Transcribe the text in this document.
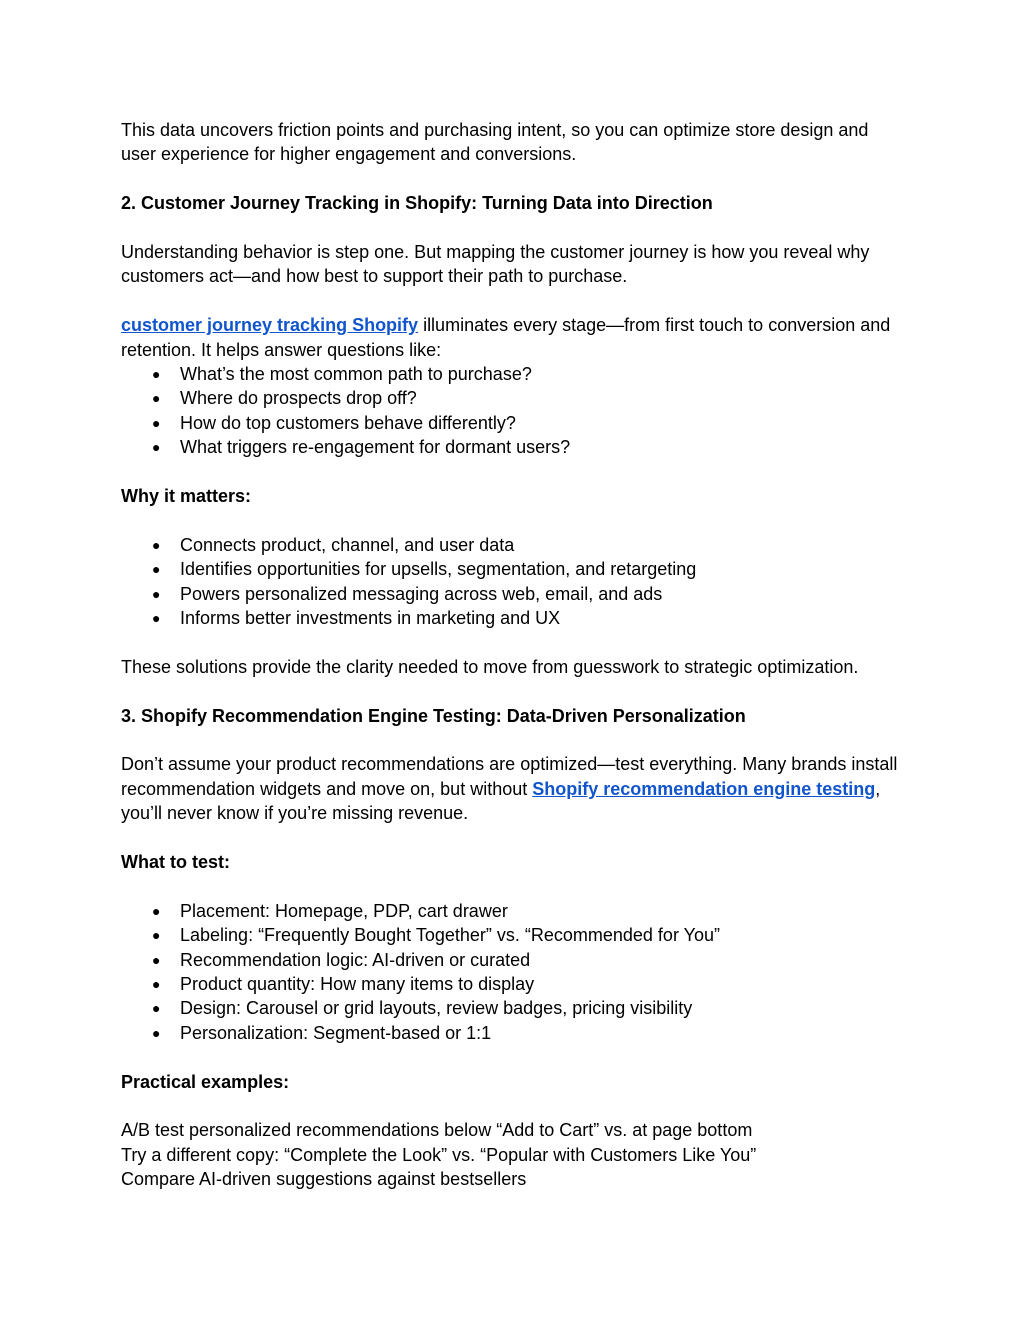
This data uncovers friction points and purchasing intent, so you can optimize store design and user experience for higher engagement and conversions.

2. Customer Journey Tracking in Shopify: Turning Data into Direction

Understanding behavior is step one. But mapping the customer journey is how you reveal why customers act—and how best to support their path to purchase.

customer journey tracking Shopify illuminates every stage—from first touch to conversion and retention. It helps answer questions like:

● What’s the most common path to purchase?
● Where do prospects drop off?
● How do top customers behave differently?
● What triggers re-engagement for dormant users?

Why it matters:

● Connects product, channel, and user data
● Identifies opportunities for upsells, segmentation, and retargeting
● Powers personalized messaging across web, email, and ads
● Informs better investments in marketing and UX

These solutions provide the clarity needed to move from guesswork to strategic optimization.

3. Shopify Recommendation Engine Testing: Data-Driven Personalization

Don’t assume your product recommendations are optimized—test everything. Many brands install recommendation widgets and move on, but without Shopify recommendation engine testing, you’ll never know if you’re missing revenue.

What to test:

● Placement: Homepage, PDP, cart drawer
● Labeling: “Frequently Bought Together” vs. “Recommended for You”
● Recommendation logic: AI-driven or curated
● Product quantity: How many items to display
● Design: Carousel or grid layouts, review badges, pricing visibility
● Personalization: Segment-based or 1:1

Practical examples:

A/B test personalized recommendations below “Add to Cart” vs. at page bottom

Try a different copy: “Complete the Look” vs. “Popular with Customers Like You”

Compare AI-driven suggestions against bestsellers
